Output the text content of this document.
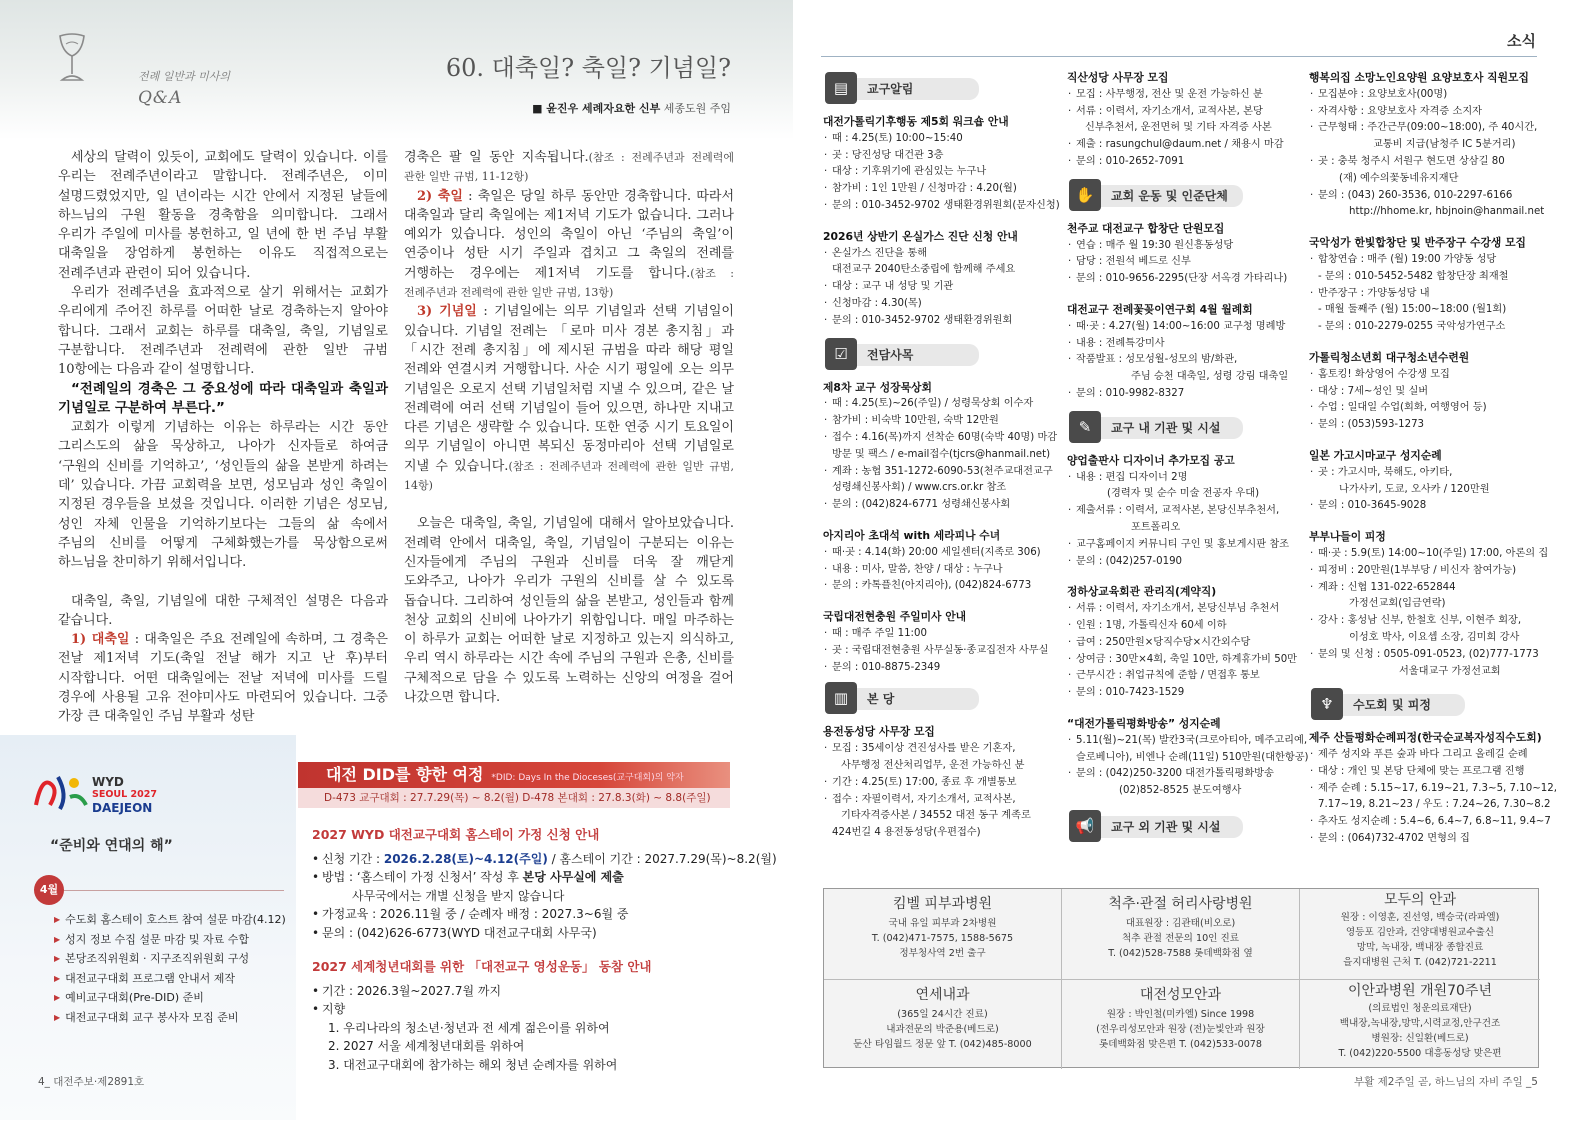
전례 일반과 미사의
Q&A
60. 대축일? 축일? 기념일?
■ 윤진우 세례자요한 신부 세종도원 주임

세상의 달력이 있듯이, 교회에도 달력이 있습니다. 이를 우리는 전례주년이라고 말합니다. 전례주년은, 이미 설명드렸었지만, 일 년이라는 시간 안에서 지정된 날들에 하느님의 구원 활동을 경축함을 의미합니다. 그래서 우리가 주일에 미사를 봉헌하고, 일 년에 한 번 주님 부활 대축일을 장엄하게 봉헌하는 이유도 직접적으로는 전례주년과 관련이 되어 있습니다.

우리가 전례주년을 효과적으로 살기 위해서는 교회가 우리에게 주어진 하루를 어떠한 날로 경축하는지 알아야 합니다. 그래서 교회는 하루를 대축일, 축일, 기념일로 구분합니다. 전례주년과 전례력에 관한 일반 규범 10항에는 다음과 같이 설명합니다.

“전례일의 경축은 그 중요성에 따라 대축일과 축일과 기념일로 구분하여 부른다.”

교회가 이렇게 기념하는 이유는 하루라는 시간 동안 그리스도의 삶을 묵상하고, 나아가 신자들로 하여금 ‘구원의 신비를 기억하고’, ‘성인들의 삶을 본받게 하려는 데’ 있습니다. 가끔 교회력을 보면, 성모님과 성인 축일이 지정된 경우들을 보셨을 것입니다. 이러한 기념은 성모님, 성인 자체 인물을 기억하기보다는 그들의 삶 속에서 주님의 신비를 어떻게 구체화했는가를 묵상함으로써 하느님을 찬미하기 위해서입니다.

대축일, 축일, 기념일에 대한 구체적인 설명은 다음과 같습니다.

1) 대축일 : 대축일은 주요 전례일에 속하며, 그 경축은 전날 제1저녁 기도(축일 전날 해가 지고 난 후)부터 시작합니다. 어떤 대축일에는 전날 저녁에 미사를 드릴 경우에 사용될 고유 전야미사도 마련되어 있습니다. 그중 가장 큰 대축일인 주님 부활과 성탄

경축은 팔 일 동안 지속됩니다.(참조 : 전례주년과 전례력에 관한 일반 규범, 11-12항)

2) 축일 : 축일은 당일 하루 동안만 경축합니다. 따라서 대축일과 달리 축일에는 제1저녁 기도가 없습니다. 그러나 예외가 있습니다. 성인의 축일이 아닌 ‘주님의 축일’이 연중이나 성탄 시기 주일과 겹치고 그 축일의 전례를 거행하는 경우에는 제1저녁 기도를 합니다.(참조 : 전례주년과 전례력에 관한 일반 규범, 13항)

3) 기념일 : 기념일에는 의무 기념일과 선택 기념일이 있습니다. 기념일 전례는 「로마 미사 경본 총지침」과 「시간 전례 총지침」에 제시된 규범을 따라 해당 평일 전례와 연결시켜 거행합니다. 사순 시기 평일에 오는 의무 기념일은 오로지 선택 기념일처럼 지낼 수 있으며, 같은 날 전례력에 여러 선택 기념일이 들어 있으면, 하나만 지내고 다른 기념은 생략할 수 있습니다. 또한 연중 시기 토요일이 의무 기념일이 아니면 복되신 동정마리아 선택 기념일로 지낼 수 있습니다.(참조 : 전례주년과 전례력에 관한 일반 규범, 14항)

오늘은 대축일, 축일, 기념일에 대해서 알아보았습니다. 전례력 안에서 대축일, 축일, 기념일이 구분되는 이유는 신자들에게 주님의 구원과 신비를 더욱 잘 깨닫게 도와주고, 나아가 우리가 구원의 신비를 살 수 있도록 돕습니다. 그리하여 성인들의 삶을 본받고, 성인들과 함께 천상 교회의 신비에 나아가기 위함입니다. 매일 마주하는 이 하루가 교회는 어떠한 날로 지정하고 있는지 의식하고, 우리 역시 하루라는 시간 속에 주님의 구원과 은총, 신비를 구체적으로 담을 수 있도록 노력하는 신앙의 여정을 걸어 나갔으면 합니다.

WYD
SEOUL 2027
DAEJEON
“준비와 연대의 해”
4월
▶ 수도회 홈스테이 호스트 참여 설문 마감(4.12)
▶ 성지 정보 수집 설문 마감 및 자료 수합
▶ 본당조직위원회 · 지구조직위원회 구성
▶ 대전교구대회 프로그램 안내서 제작
▶ 예비교구대회(Pre-DID) 준비
▶ 대전교구대회 교구 봉사자 모집 준비
대전 DID를 향한 여정 *DID: Days In the Dioceses(교구대회)의 약자
D-473 교구대회 : 27.7.29(목) ~ 8.2(월) D-478 본대회 : 27.8.3(화) ~ 8.8(주일)
2027 WYD 대전교구대회 홈스테이 가정 신청 안내
• 신청 기간 : 2026.2.28(토)~4.12(주일) / 홈스테이 기간 : 2027.7.29(목)~8.2(월)
• 방법 : ‘홈스테이 가정 신청서’ 작성 후 본당 사무실에 제출
사무국에서는 개별 신청을 받지 않습니다
• 가정교육 : 2026.11월 중 / 순례자 배정 : 2027.3~6월 중
• 문의 : (042)626-6773(WYD 대전교구대회 사무국)
2027 세계청년대회를 위한 「대전교구 영성운동」 동참 안내
• 기간 : 2026.3월~2027.7월 까지
• 지향
1. 우리나라의 청소년·청년과 전 세계 젊은이를 위하여
2. 2027 서울 세계청년대회를 위하여
3. 대전교구대회에 참가하는 해외 청년 순례자를 위하여
4_ 대전주보·제2891호
소식
교구알림
▤
대전가톨릭기후행동 제5회 워크숍 안내
· 때 : 4.25(토) 10:00~15:40
· 곳 : 당진성당 대건관 3층
· 대상 : 기후위기에 관심있는 누구나
· 참가비 : 1인 1만원 / 신청마감 : 4.20(월)
· 문의 : 010-3452-9702 생태환경위원회(문자신청)
2026년 상반기 온실가스 진단 신청 안내
· 온실가스 진단을 통해
대전교구 2040탄소중립에 함께해 주세요
· 대상 : 교구 내 성당 및 기관
· 신청마감 : 4.30(목)
· 문의 : 010-3452-9702 생태환경위원회
전담사목
☑
제8차 교구 성장묵상회
· 때 : 4.25(토)~26(주일) / 성령묵상회 이수자
· 참가비 : 비숙박 10만원, 숙박 12만원
· 접수 : 4.16(목)까지 선착순 60명(숙박 40명) 마감
방문 및 팩스 / e-mail접수(tjcrs@hanmail.net)
· 계좌 : 농협 351-1272-6090-53(천주교대전교구
성령쇄신봉사회) / www.crs.or.kr 참조
· 문의 : (042)824-6771 성령쇄신봉사회
아지리아 초대석 with 세라피나 수녀
· 때·곳 : 4.14(화) 20:00 세일센터(지족로 306)
· 내용 : 미사, 말씀, 찬양 / 대상 : 누구나
· 문의 : 카톡플친(아지리아), (042)824-6773
국립대전현충원 주일미사 안내
· 때 : 매주 주일 11:00
· 곳 : 국립대전현충원 사무실동·종교집전자 사무실
· 문의 : 010-8875-2349
본 당
▥
용전동성당 사무장 모집
· 모집 : 35세이상 견진성사를 받은 기혼자,
사무행정 전산처리업무, 운전 가능하신 분
· 기간 : 4.25(토) 17:00, 종료 후 개별통보
· 접수 : 자필이력서, 자기소개서, 교적사본,
기타자격증사본 / 34552 대전 동구 계족로
424번길 4 용전동성당(우편접수)
직산성당 사무장 모집
· 모집 : 사무행정, 전산 및 운전 가능하신 분
· 서류 : 이력서, 자기소개서, 교적사본, 본당
신부추천서, 운전면허 및 기타 자격증 사본
· 제출 : rasungchul@daum.net / 채용시 마감
· 문의 : 010-2652-7091
교회 운동 및 인준단체
✋
천주교 대전교구 합창단 단원모집
· 연습 : 매주 월 19:30 원신흥동성당
· 담당 : 전원석 베드로 신부
· 문의 : 010-9656-2295(단장 서옥경 가타리나)
대전교구 전례꽃꽂이연구회 4월 월례회
· 때·곳 : 4.27(월) 14:00~16:00 교구청 명례방
· 내용 : 전례특강미사
· 작품발표 : 성모성월-성모의 밤/화관,
주님 승천 대축일, 성령 강림 대축일
· 문의 : 010-9982-8327
교구 내 기관 및 시설
✎
양업출판사 디자이너 추가모집 공고
· 내용 : 편집 디자이너 2명
(경력자 및 순수 미술 전공자 우대)
· 제출서류 : 이력서, 교적사본, 본당신부추천서,
포트폴리오
· 교구홈페이지 커뮤니티 구인 및 홍보게시판 참조
· 문의 : (042)257-0190
정하상교육회관 관리직(계약직)
· 서류 : 이력서, 자기소개서, 본당신부님 추천서
· 인원 : 1명, 가톨릭신자 60세 이하
· 급여 : 250만원×당직수당×시간외수당
· 상여금 : 30만×4회, 축일 10만, 하계휴가비 50만
· 근무시간 : 취업규칙에 준함 / 면접후 통보
· 문의 : 010-7423-1529
“대전가톨릭평화방송” 성지순례
· 5.11(월)~21(목) 발칸3국(크로아티아, 메주고리예,
슬로베니아), 비엔나 순례(11일) 510만원(대한항공)
· 문의 : (042)250-3200 대전가톨릭평화방송
(02)852-8525 분도여행사
교구 외 기관 및 시설
📢
행복의집 소망노인요양원 요양보호사 직원모집
· 모집분야 : 요양보호사(00명)
· 자격사항 : 요양보호사 자격증 소지자
· 근무형태 : 주간근무(09:00~18:00), 주 40시간,
교통비 지급(남청주 IC 5분거리)
· 곳 : 충북 청주시 서원구 현도면 상삼길 80
(재) 예수의꽃동네유지재단
· 문의 : (043) 260-3536, 010-2297-6166
http://hhome.kr, hbjnoin@hanmail.net
국악성가 한빛합창단 및 반주장구 수강생 모집
· 합창연습 : 매주 (월) 19:00 가양동 성당
- 문의 : 010-5452-5482 합창단장 최재철
· 반주장구 : 가양동성당 내
- 매월 둘째주 (월) 15:00~18:00 (월1회)
- 문의 : 010-2279-0255 국악성가연구소
가톨릭청소년회 대구청소년수련원
· 홈토킹! 화상영어 수강생 모집
· 대상 : 7세~성인 및 실버
· 수업 : 일대일 수업(회화, 여행영어 등)
· 문의 : (053)593-1273
일본 가고시마교구 성지순례
· 곳 : 가고시마, 북해도, 아키타,
나가사키, 도쿄, 오사카 / 120만원
· 문의 : 010-3645-9028
부부나들이 피정
· 때·곳 : 5.9(토) 14:00~10(주일) 17:00, 아론의 집
· 피정비 : 20만원(1부부당 / 비신자 참여가능)
· 계좌 : 신협 131-022-652844
가정선교회(입금연락)
· 강사 : 홍성남 신부, 한철호 신부, 이현주 회장,
이성호 박사, 이요셉 소장, 김미희 강사
· 문의 및 신청 : 0505-091-0523, (02)777-1773
서울대교구 가정선교회
수도회 및 피정
♆
제주 산들평화순례피정(한국순교복자성직수도회)
· 제주 성지와 푸른 숲과 바다 그리고 올레길 순례
· 대상 : 개인 및 본당 단체에 맞는 프로그램 진행
· 제주 순례 : 5.15~17, 6.19~21, 7.3~5, 7.10~12,
7.17~19, 8.21~23 / 우도 : 7.24~26, 7.30~8.2
· 추자도 성지순례 : 5.4~6, 6.4~7, 6.8~11, 9.4~7
· 문의 : (064)732-4702 면형의 집
킴벨 피부과병원
국내 유일 피부과 2차병원
T. (042)471-7575, 1588-5675
정부청사역 2번 출구
척추·관절 허리사랑병원
대표원장 : 김관태(비오로)
척추 관절 전문의 10인 진료
T. (042)528-7588 롯데백화점 옆
모두의 안과
원장 : 이영훈, 진선영, 백승국(라파엘)
영등포 김안과, 건양대병원교수출신
망막, 녹내장, 백내장 종합진료
을지대병원 근처 T. (042)721-2211
연세내과
(365일 24시간 진료)
내과전문의 박준용(베드로)
둔산 타임월드 정문 앞 T. (042)485-8000
대전성모안과
원장 : 박인철(미카엘) Since 1998
(전우리성모안과 원장 (전)눈빛안과 원장
롯데백화점 맞은편 T. (042)533-0078
이안과병원 개원70주년
(의료법인 청운의료재단)
백내장,녹내장,망막,시력교정,안구건조
병원장: 신일환(베드로)
T. (042)220-5500 대흥동성당 맞은편
부활 제2주일 곧, 하느님의 자비 주일 _5
